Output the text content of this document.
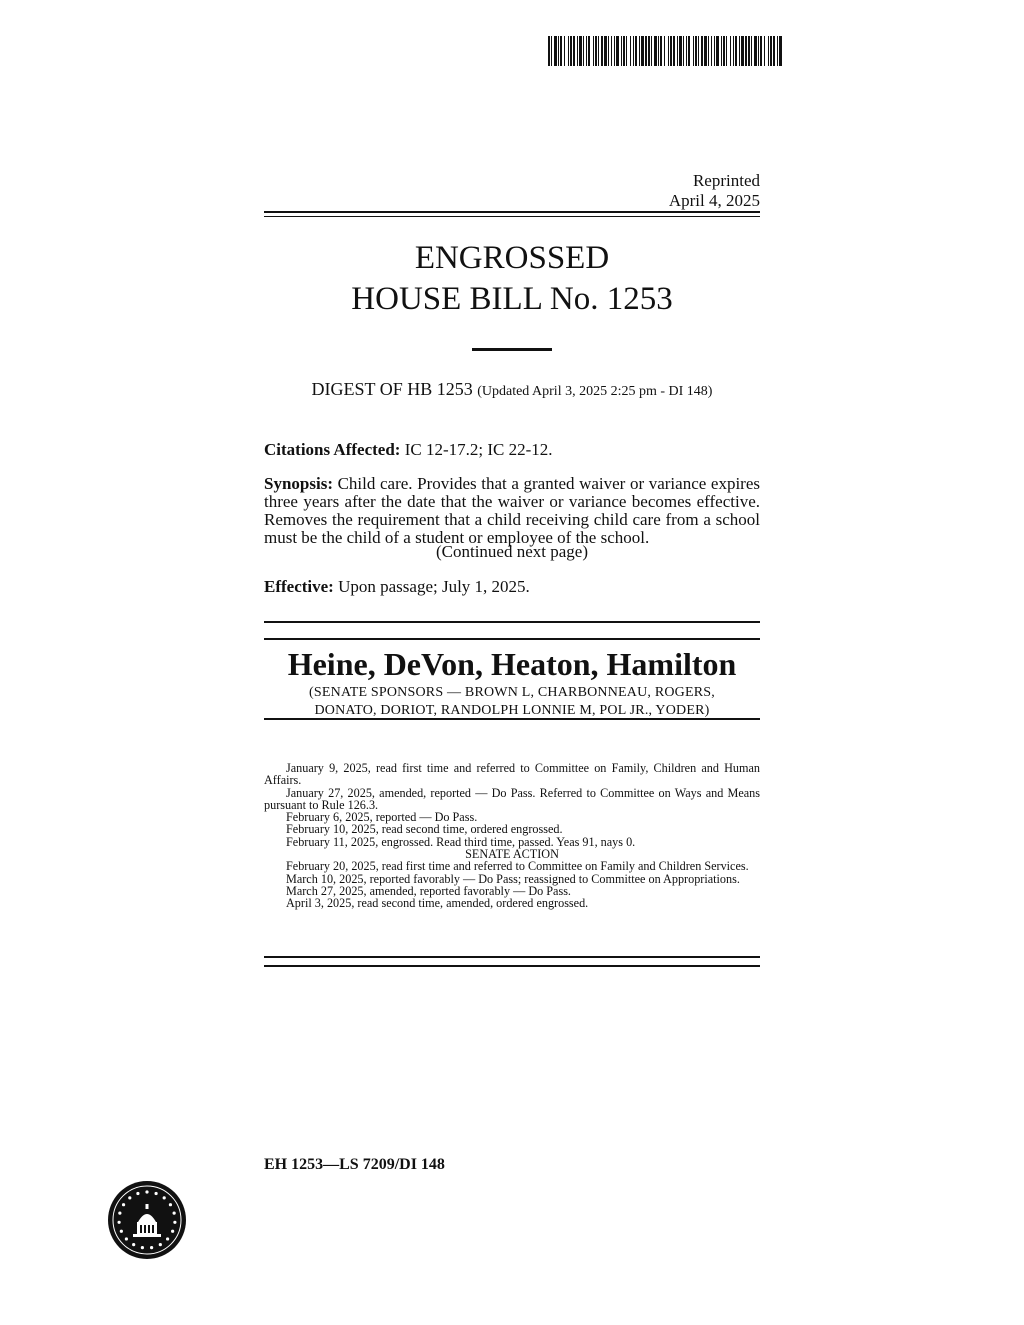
Reprinted
April 4, 2025
ENGROSSED
HOUSE BILL No. 1253
DIGEST OF HB 1253 (Updated April 3, 2025 2:25 pm - DI 148)
Citations Affected: IC 12-17.2; IC 22-12.
Synopsis: Child care. Provides that a granted waiver or variance expires three years after the date that the waiver or variance becomes effective. Removes the requirement that a child receiving child care from a school must be the child of a student or employee of the school.
(Continued next page)
Effective: Upon passage; July 1, 2025.
Heine, DeVon, Heaton, Hamilton
(SENATE SPONSORS — BROWN L, CHARBONNEAU, ROGERS,
DONATO, DORIOT, RANDOLPH LONNIE M, POL JR., YODER)
January 9, 2025, read first time and referred to Committee on Family, Children and Human Affairs.
January 27, 2025, amended, reported — Do Pass. Referred to Committee on Ways and Means pursuant to Rule 126.3.
February 6, 2025, reported — Do Pass.
February 10, 2025, read second time, ordered engrossed.
February 11, 2025, engrossed. Read third time, passed. Yeas 91, nays 0.
SENATE ACTION
February 20, 2025, read first time and referred to Committee on Family and Children Services.
March 10, 2025, reported favorably — Do Pass; reassigned to Committee on Appropriations.
March 27, 2025, amended, reported favorably — Do Pass.
April 3, 2025, read second time, amended, ordered engrossed.
EH 1253—LS 7209/DI 148
